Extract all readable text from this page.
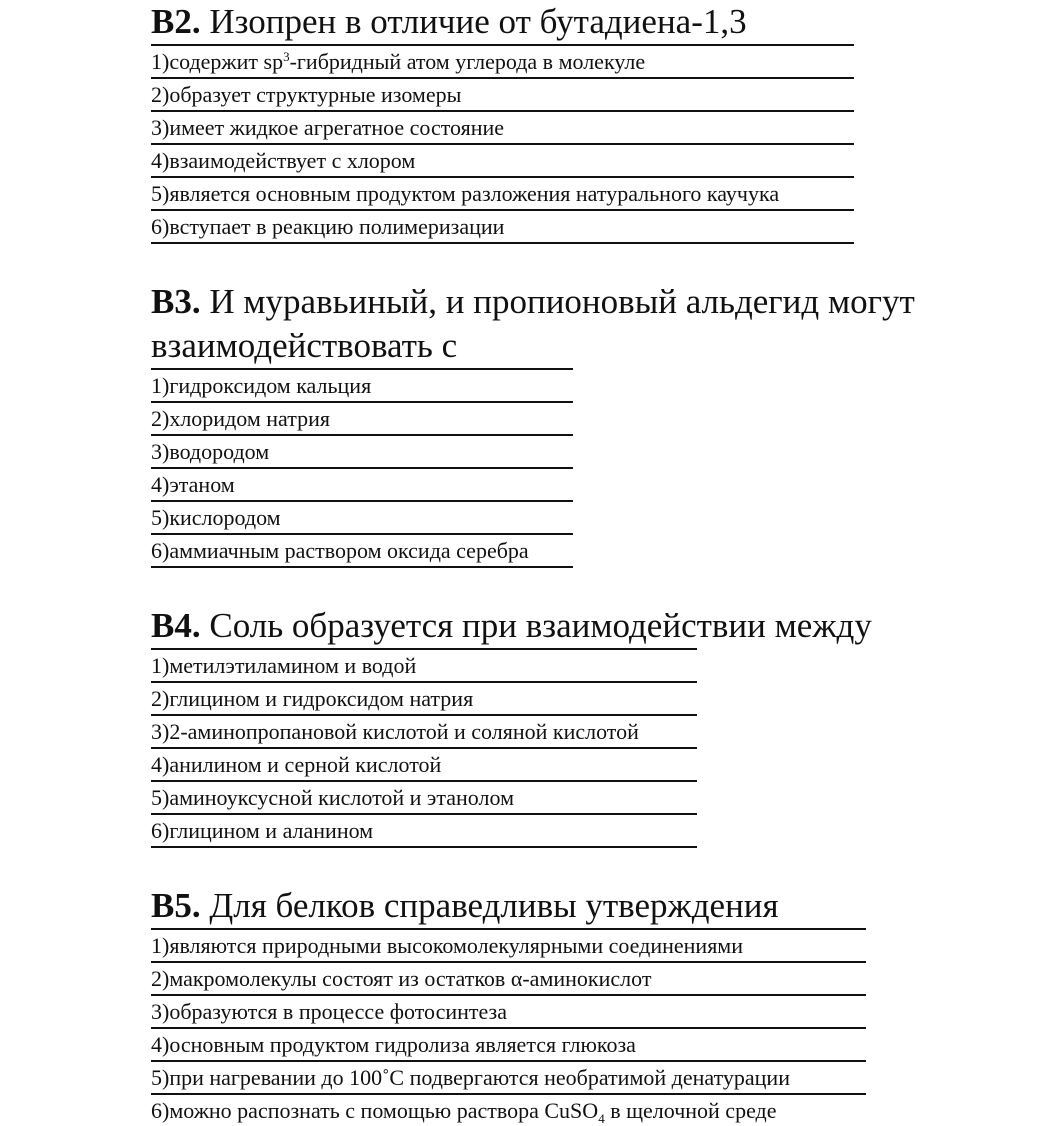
B2. Изопрен в отличие от бутадиена-1,3
1)содержит $sp^3$-гибридный атом углерода в молекуле
2)образует структурные изомеры
3)имеет жидкое агрегатное состояние
4)взаимодействует с хлором
5)является основным продуктом разложения натурального каучука
6)вступает в реакцию полимеризации
B3. И муравьиный, и пропионовый альдегид могут взаимодействовать с
1)гидроксидом кальция
2)хлоридом натрия
3)водородом
4)этаном
5)кислородом
6)аммиачным раствором оксида серебра
B4. Соль образуется при взаимодействии между
1)метилэтиламином и водой
2)глицином и гидроксидом натрия
3)2-аминопропановой кислотой и соляной кислотой
4)анилином и серной кислотой
5)аминоуксусной кислотой и этанолом
6)глицином и аланином
B5. Для белков справедливы утверждения
1)являются природными высокомолекулярными соединениями
2)макромолекулы состоят из остатков α-аминокислот
3)образуются в процессе фотосинтеза
4)основным продуктом гидролиза является глюкоза
5)при нагревании до 100˚С подвергаются необратимой денатурации
6)можно распознать с помощью раствора CuSO$_4$ в щелочной среде
